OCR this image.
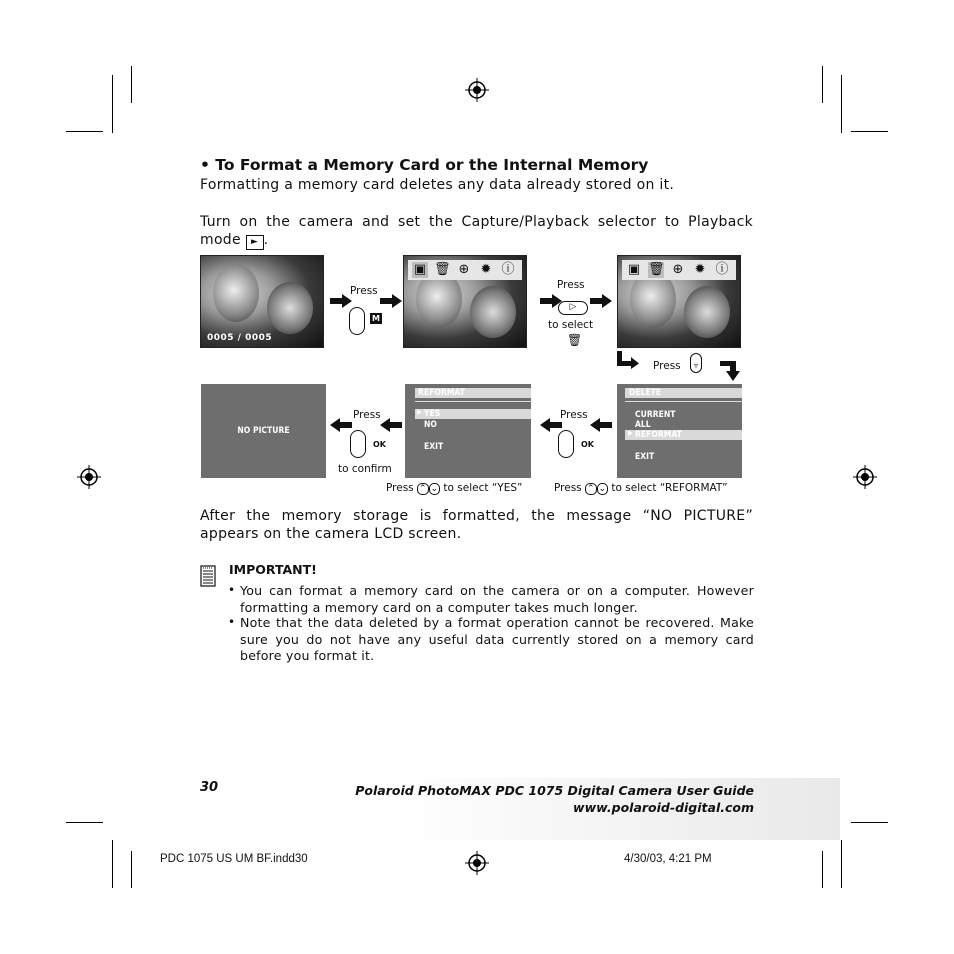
• To Format a Memory Card or the Internal Memory
Formatting a memory card deletes any data already stored on it.
Turn on the camera and set the Capture/Playback selector to Playback mode ► .
0005 / 0005
Press
M
▣ 🗑 ⊕ ✹ ⓘ
Press
▷
to select
🗑
▣ 🗑 ⊕ ✹ ⓘ
Press	▿
DELETE
CURRENT
ALL
▶ REFORMAT
EXIT
Press
OK
Press ⌃ ⌄ to select “REFORMAT”
REFORMAT
▶ YES
NO
EXIT
Press
OK
to confirm
Press ⌃ ⌄ to select “YES”
NO PICTURE
After the memory storage is formatted, the message “NO PICTURE” appears on the camera LCD screen.
IMPORTANT!
• You can format a memory card on the camera or on a computer. However formatting a memory card on a computer takes much longer.
• Note that the data deleted by a format operation cannot be recovered. Make sure you do not have any useful data currently stored on a memory card before you format it.
30	Polaroid PhotoMAX PDC 1075 Digital Camera User Guide
www.polaroid-digital.com
PDC 1075 US UM BF.indd30	4/30/03, 4:21 PM
